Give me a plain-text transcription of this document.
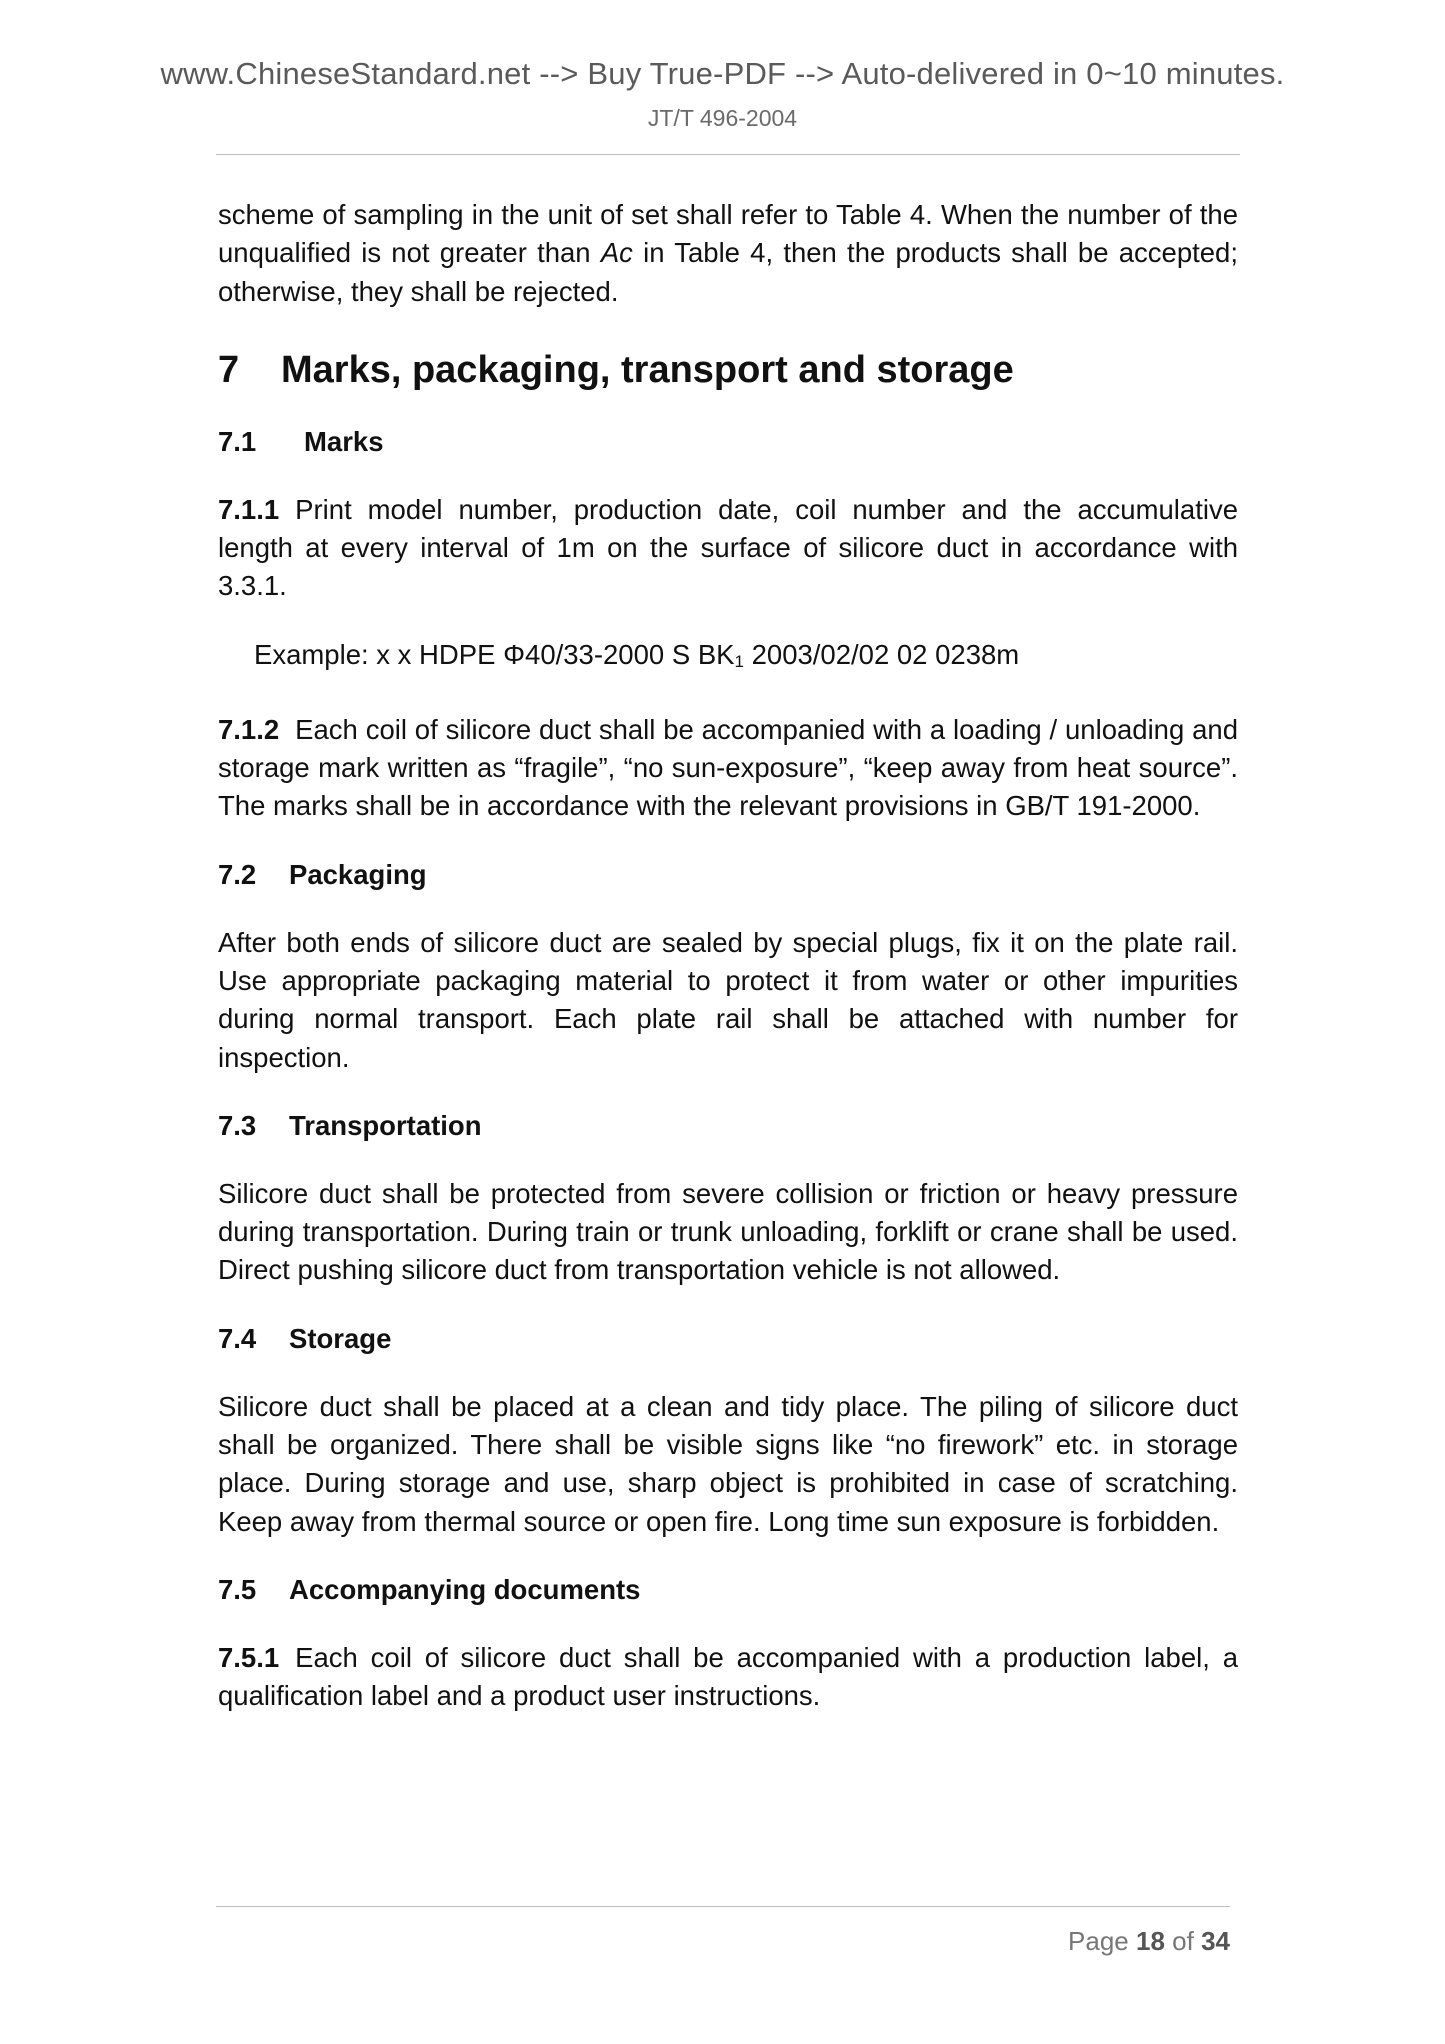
www.ChineseStandard.net --> Buy True-PDF --> Auto-delivered in 0~10 minutes.
JT/T 496-2004

scheme of sampling in the unit of set shall refer to Table 4. When the number of the unqualified is not greater than Ac in Table 4, then the products shall be accepted; otherwise, they shall be rejected.

7 Marks, packaging, transport and storage
7.1 Marks

7.1.1 Print model number, production date, coil number and the accumulative length at every interval of 1m on the surface of silicore duct in accordance with 3.3.1.

Example: x x HDPE Φ40/33-2000 S $BK_1$ 2003/02/02 02 0238m

7.1.2 Each coil of silicore duct shall be accompanied with a loading / unloading and storage mark written as “fragile”, “no sun-exposure”, “keep away from heat source”. The marks shall be in accordance with the relevant provisions in GB/T 191-2000.

7.2 Packaging

After both ends of silicore duct are sealed by special plugs, fix it on the plate rail. Use appropriate packaging material to protect it from water or other impurities during normal transport. Each plate rail shall be attached with number for inspection.

7.3 Transportation

Silicore duct shall be protected from severe collision or friction or heavy pressure during transportation. During train or trunk unloading, forklift or crane shall be used. Direct pushing silicore duct from transportation vehicle is not allowed.

7.4 Storage

Silicore duct shall be placed at a clean and tidy place. The piling of silicore duct shall be organized. There shall be visible signs like “no firework” etc. in storage place. During storage and use, sharp object is prohibited in case of scratching. Keep away from thermal source or open fire. Long time sun exposure is forbidden.

7.5 Accompanying documents

7.5.1 Each coil of silicore duct shall be accompanied with a production label, a qualification label and a product user instructions.

Page 18 of 34
